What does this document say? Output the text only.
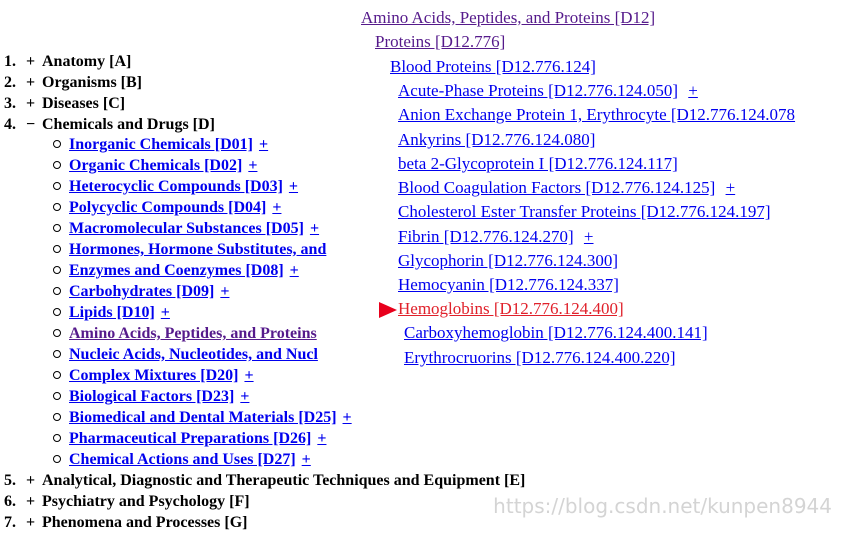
Amino Acids, Peptides, and Proteins [D12]
Proteins [D12.776]
Blood Proteins [D12.776.124]
Acute-Phase Proteins [D12.776.124.050] +
Anion Exchange Protein 1, Erythrocyte [D12.776.124.078
Ankyrins [D12.776.124.080]
beta 2-Glycoprotein I [D12.776.124.117]
Blood Coagulation Factors [D12.776.124.125] +
Cholesterol Ester Transfer Proteins [D12.776.124.197]
Fibrin [D12.776.124.270] +
Glycophorin [D12.776.124.300]
Hemocyanin [D12.776.124.337]
Hemoglobins [D12.776.124.400]
Carboxyhemoglobin [D12.776.124.400.141]
Erythrocruorins [D12.776.124.400.220]
1. + Anatomy [A]
2. + Organisms [B]
3. + Diseases [C]
4. − Chemicals and Drugs [D]
Inorganic Chemicals [D01] +
Organic Chemicals [D02] +
Heterocyclic Compounds [D03] +
Polycyclic Compounds [D04] +
Macromolecular Substances [D05] +
Hormones, Hormone Substitutes, and
Enzymes and Coenzymes [D08] +
Carbohydrates [D09] +
Lipids [D10] +
Amino Acids, Peptides, and Proteins
Nucleic Acids, Nucleotides, and Nucl
Complex Mixtures [D20] +
Biological Factors [D23] +
Biomedical and Dental Materials [D25] +
Pharmaceutical Preparations [D26] +
Chemical Actions and Uses [D27] +
5. + Analytical, Diagnostic and Therapeutic Techniques and Equipment [E]
6. + Psychiatry and Psychology [F]
7. + Phenomena and Processes [G]
https://blog.csdn.net/kunpen8944
